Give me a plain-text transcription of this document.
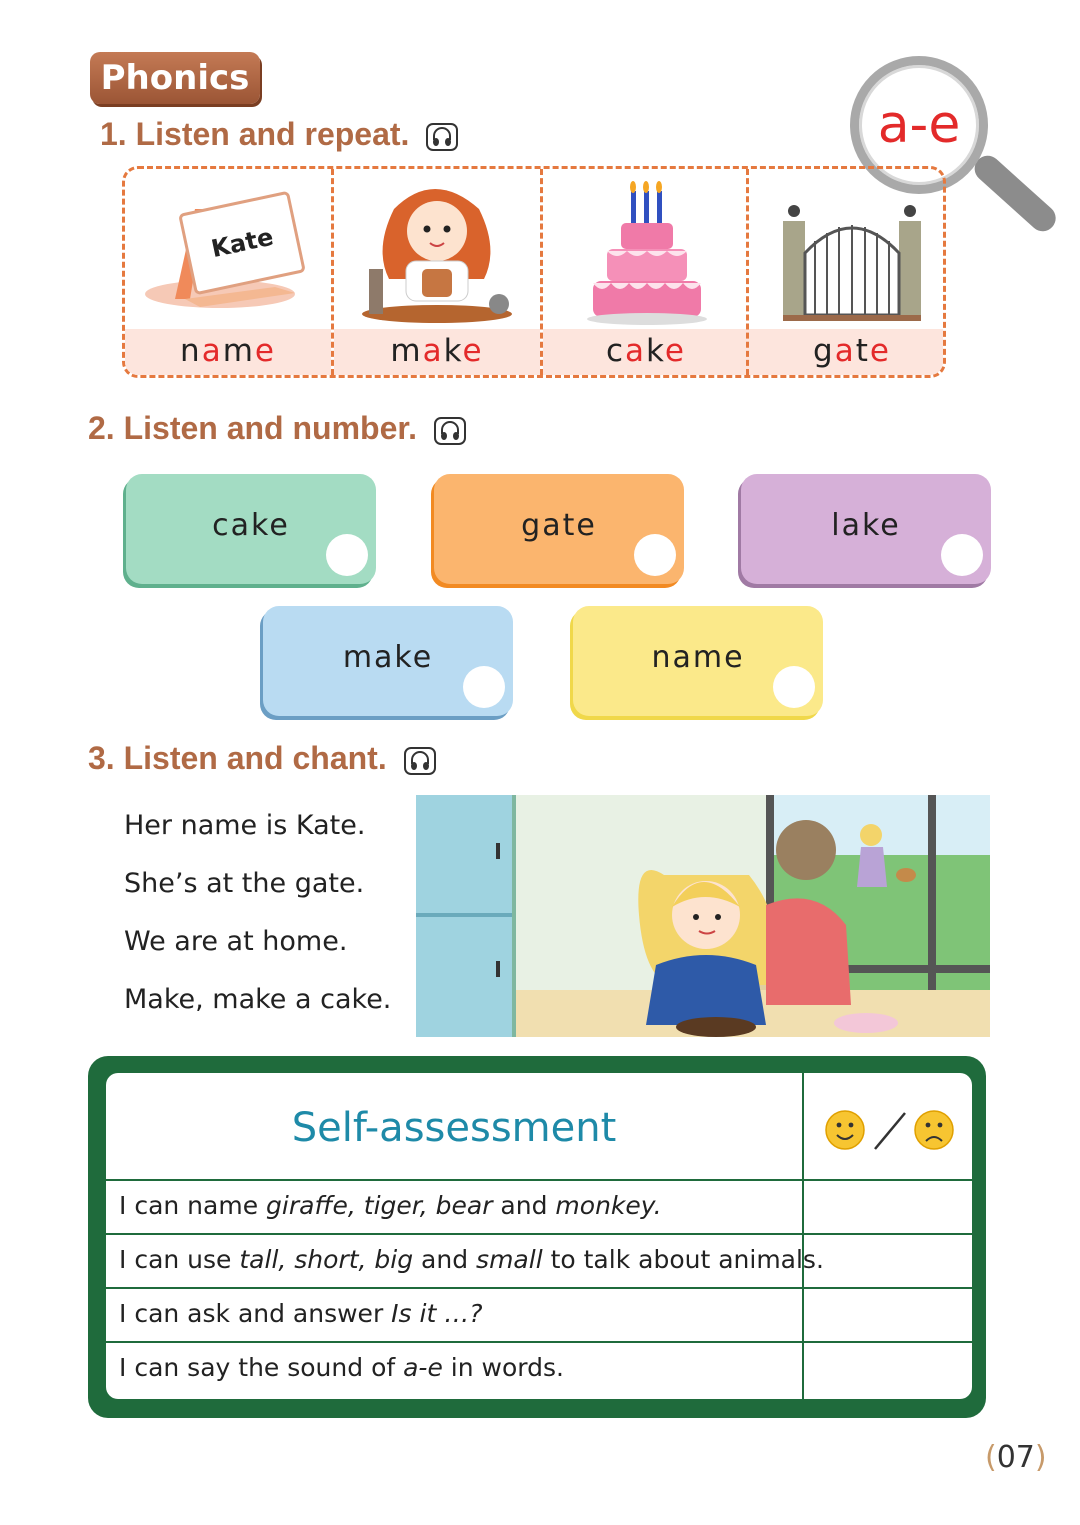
Phonics
1. Listen and repeat.	a-e
Kate
name	make	cake	gate
2. Listen and number.
cake	gate	lake
make	name
3. Listen and chant.
Her name is Kate.
She’s at the gate.
We are at home.
Make, make a cake.
Self-assessment
I can name giraffe, tiger, bear and monkey.
I can use tall, short, big and small to talk about animals.
I can ask and answer Is it …?
I can say the sound of a-e in words.
(07)
